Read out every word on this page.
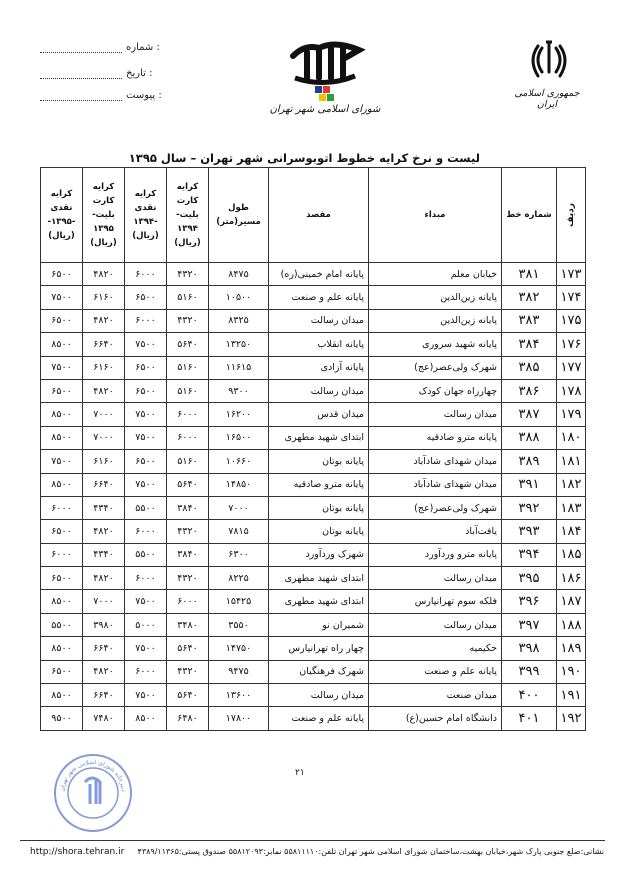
شماره :
تاریخ :
پیوست :
شورای اسلامی شهر تهران
جمهوری اسلامی ایران
لیست و نرخ کرایه خطوط اتوبوسرانی شهر تهران – سال ۱۳۹۵
ردیف	شماره خط	مبداء	مقصد	طول مسیر(متر)	کرایه کارت بلیت- ۱۳۹۴ (ریال)	کرایه نقدی -۱۳۹۴ (ریال)	کرایه کارت بلیت- ۱۳۹۵ (ریال)	کرایه نقدی -۱۳۹۵- (ریال)
۱۷۳	۳۸۱	خیابان معلم	پایانه امام خمینی(ره)	۸۴۷۵	۴۳۲۰	۶۰۰۰	۴۸۲۰	۶۵۰۰
۱۷۴	۳۸۲	پایانه زین‌الدین	پایانه علم و صنعت	۱۰۵۰۰	۵۱۶۰	۶۵۰۰	۶۱۶۰	۷۵۰۰
۱۷۵	۳۸۳	پایانه زین‌الدین	میدان رسالت	۸۳۲۵	۴۳۲۰	۶۰۰۰	۴۸۲۰	۶۵۰۰
۱۷۶	۳۸۴	پایانه شهید سروری	پایانه انقلاب	۱۳۲۵۰	۵۶۴۰	۷۵۰۰	۶۶۴۰	۸۵۰۰
۱۷۷	۳۸۵	شهرک ولی‌عصر(عج)	پایانه آزادی	۱۱۶۱۵	۵۱۶۰	۶۵۰۰	۶۱۶۰	۷۵۰۰
۱۷۸	۳۸۶	چهارراه جهان کودک	میدان رسالت	۹۳۰۰	۵۱۶۰	۶۵۰۰	۴۸۲۰	۶۵۰۰
۱۷۹	۳۸۷	میدان رسالت	میدان قدس	۱۶۲۰۰	۶۰۰۰	۷۵۰۰	۷۰۰۰	۸۵۰۰
۱۸۰	۳۸۸	پایانه مترو صادقیه	ابتدای شهید مطهری	۱۶۵۰۰	۶۰۰۰	۷۵۰۰	۷۰۰۰	۸۵۰۰
۱۸۱	۳۸۹	میدان شهدای شادآباد	پایانه بوتان	۱۰۶۶۰	۵۱۶۰	۶۵۰۰	۶۱۶۰	۷۵۰۰
۱۸۲	۳۹۱	میدان شهدای شادآباد	پایانه مترو صادقیه	۱۴۸۵۰	۵۶۴۰	۷۵۰۰	۶۶۴۰	۸۵۰۰
۱۸۳	۳۹۲	شهرک ولی‌عصر(عج)	پایانه بوتان	۷۰۰۰	۳۸۴۰	۵۵۰۰	۴۳۴۰	۶۰۰۰
۱۸۴	۳۹۳	یافت‌آباد	پایانه بوتان	۷۸۱۵	۴۳۲۰	۶۰۰۰	۴۸۲۰	۶۵۰۰
۱۸۵	۳۹۴	پایانه مترو وردآورد	شهرک وردآورد	۶۳۰۰	۳۸۴۰	۵۵۰۰	۴۳۴۰	۶۰۰۰
۱۸۶	۳۹۵	میدان رسالت	ابتدای شهید مطهری	۸۲۲۵	۴۳۲۰	۶۰۰۰	۴۸۲۰	۶۵۰۰
۱۸۷	۳۹۶	فلکه سوم تهرانپارس	ابتدای شهید مطهری	۱۵۴۲۵	۶۰۰۰	۷۵۰۰	۷۰۰۰	۸۵۰۰
۱۸۸	۳۹۷	میدان رسالت	شمیران نو	۳۵۵۰	۳۴۸۰	۵۰۰۰	۳۹۸۰	۵۵۰۰
۱۸۹	۳۹۸	حکیمیه	چهار راه تهرانپارس	۱۴۷۵۰	۵۶۴۰	۷۵۰۰	۶۶۴۰	۸۵۰۰
۱۹۰	۳۹۹	پایانه علم و صنعت	شهرک فرهنگیان	۹۴۷۵	۴۳۲۰	۶۰۰۰	۴۸۲۰	۶۵۰۰
۱۹۱	۴۰۰	میدان صنعت	میدان رسالت	۱۳۶۰۰	۵۶۴۰	۷۵۰۰	۶۶۴۰	۸۵۰۰
۱۹۲	۴۰۱	دانشگاه امام حسین(ع)	پایانه علم و صنعت	۱۷۸۰۰	۶۴۸۰	۸۵۰۰	۷۴۸۰	۹۵۰۰
۲۱
دبیرخانه شورای اسلامی شهر تهران
http://shora.tehran.ir نشانی:ضلع جنوبی پارک شهر،خیابان بهشت،ساختمان شورای اسلامی شهر تهران تلفن:۵۵۸۱۱۱۱۰ نمابر:۵۵۸۱۲۰۹۳ صندوق پستی:۴۳۸۹/۱۱۳۶۵
